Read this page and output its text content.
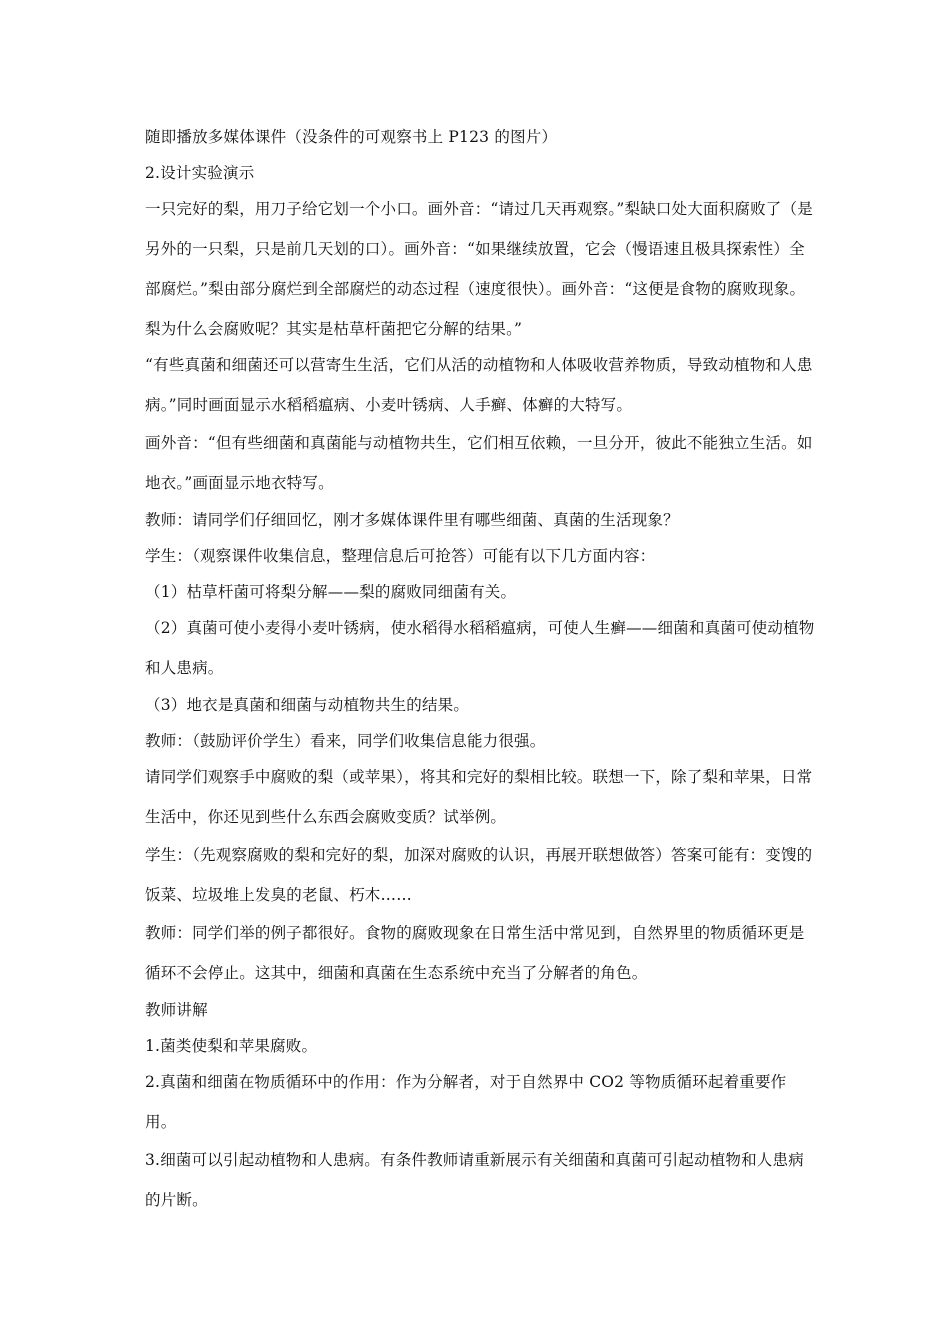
随即播放多媒体课件（没条件的可观察书上 P123 的图片）

2.设计实验演示

一只完好的梨，用刀子给它划一个小口。画外音：“请过几天再观察。”梨缺口处大面积腐败了（是另外的一只梨，只是前几天划的口）。画外音：“如果继续放置，它会（慢语速且极具探索性）全部腐烂。”梨由部分腐烂到全部腐烂的动态过程（速度很快）。画外音：“这便是食物的腐败现象。梨为什么会腐败呢？其实是枯草杆菌把它分解的结果。”

“有些真菌和细菌还可以营寄生生活，它们从活的动植物和人体吸收营养物质，导致动植物和人患病。”同时画面显示水稻稻瘟病、小麦叶锈病、人手癣、体癣的大特写。

画外音：“但有些细菌和真菌能与动植物共生，它们相互依赖，一旦分开，彼此不能独立生活。如地衣。”画面显示地衣特写。

教师：请同学们仔细回忆，刚才多媒体课件里有哪些细菌、真菌的生活现象？

学生：（观察课件收集信息，整理信息后可抢答）可能有以下几方面内容：

（1）枯草杆菌可将梨分解——梨的腐败同细菌有关。

（2）真菌可使小麦得小麦叶锈病，使水稻得水稻稻瘟病，可使人生癣——细菌和真菌可使动植物和人患病。

（3）地衣是真菌和细菌与动植物共生的结果。

教师：（鼓励评价学生）看来，同学们收集信息能力很强。

请同学们观察手中腐败的梨（或苹果），将其和完好的梨相比较。联想一下，除了梨和苹果，日常生活中，你还见到些什么东西会腐败变质？试举例。

学生：（先观察腐败的梨和完好的梨，加深对腐败的认识，再展开联想做答）答案可能有：变馊的饭菜、垃圾堆上发臭的老鼠、朽木……

教师：同学们举的例子都很好。食物的腐败现象在日常生活中常见到，自然界里的物质循环更是循环不会停止。这其中，细菌和真菌在生态系统中充当了分解者的角色。

教师讲解

1.菌类使梨和苹果腐败。

2.真菌和细菌在物质循环中的作用：作为分解者，对于自然界中 CO2 等物质循环起着重要作用。

3.细菌可以引起动植物和人患病。有条件教师请重新展示有关细菌和真菌可引起动植物和人患病的片断。
